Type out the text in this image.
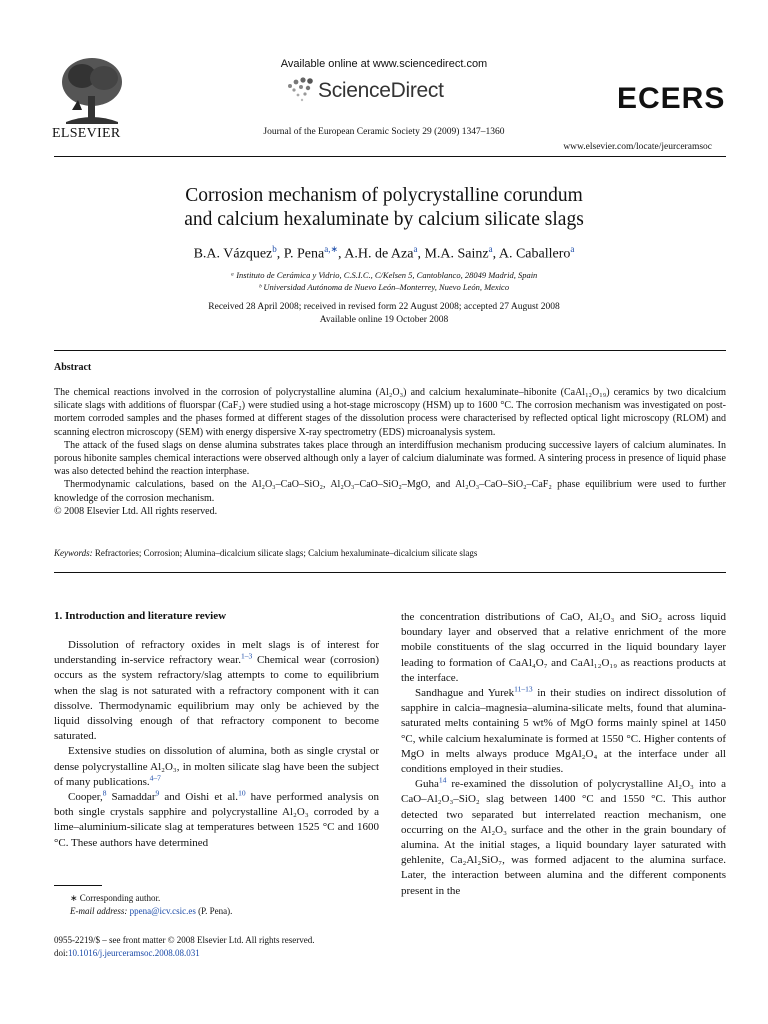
ELSEVIER
Available online at www.sciencedirect.com
ScienceDirect
Journal of the European Ceramic Society 29 (2009) 1347–1360
ECERS
www.elsevier.com/locate/jeurceramsoc
Corrosion mechanism of polycrystalline corundum
and calcium hexaluminate by calcium silicate slags
B.A. Vázquez$^b$, P. Pena$^{a,∗}$, A.H. de Aza$^a$, M.A. Sainz$^a$, A. Caballero$^a$
ᵃ Instituto de Cerámica y Vidrio, C.S.I.C., C/Kelsen 5, Cantoblanco, 28049 Madrid, Spain
ᵇ Universidad Autónoma de Nuevo León–Monterrey, Nuevo León, Mexico
Received 28 April 2008; received in revised form 22 August 2008; accepted 27 August 2008
Available online 19 October 2008
Abstract

The chemical reactions involved in the corrosion of polycrystalline alumina (Al₂O₃) and calcium hexaluminate–hibonite (CaAl₁₂O₁₉) ceramics by two dicalcium silicate slags with additions of fluorspar (CaF₂) were studied using a hot-stage microscopy (HSM) up to 1600 °C. The corrosion mechanism was investigated on post-mortem corroded samples and the phases formed at different stages of the dissolution process were characterised by reflected optical light microscopy (RLOM) and scanning electron microscopy (SEM) with energy dispersive X-ray spectrometry (EDS) microanalysis system.

The attack of the fused slags on dense alumina substrates takes place through an interdiffusion mechanism producing successive layers of calcium aluminates. In porous hibonite samples chemical interactions were observed although only a layer of calcium dialuminate was formed. A sintering process in presence of liquid phase was also detected behind the reaction interphase.

Thermodynamic calculations, based on the Al₂O₃–CaO–SiO₂, Al₂O₃–CaO–SiO₂–MgO, and Al₂O₃–CaO–SiO₂–CaF₂ phase equilibrium were used to further knowledge of the corrosion mechanism.

© 2008 Elsevier Ltd. All rights reserved.

Keywords: Refractories; Corrosion; Alumina–dicalcium silicate slags; Calcium hexaluminate–dicalcium silicate slags
1. Introduction and literature review

Dissolution of refractory oxides in melt slags is of interest for understanding in-service refractory wear.$^{1-3}$ Chemical wear (corrosion) occurs as the system refractory/slag attempts to come to equilibrium when the slag is not saturated with a refractory component with it can dissolve. Thermodynamic equilibrium may only be achieved by the liquid dissolving enough of that refractory component to become saturated.

Extensive studies on dissolution of alumina, both as single crystal or dense polycrystalline Al₂O₃, in molten silicate slag have been the subject of many publications.$^{4-7}$

Cooper,$^8$ Samaddar$^9$ and Oishi et al.$^{10}$ have performed analysis on both single crystals sapphire and polycrystalline Al₂O₃ corroded by a lime–aluminium-silicate slag at temperatures between 1525 °C and 1600 °C. These authors have determined

the concentration distributions of CaO, Al₂O₃ and SiO₂ across liquid boundary layer and observed that a relative enrichment of the more mobile constituents of the slag occurred in the liquid boundary layer leading to formation of CaAl₄O₇ and CaAl₁₂O₁₉ as reactions products at the interface.

Sandhague and Yurek$^{11-13}$ in their studies on indirect dissolution of sapphire in calcia–magnesia–alumina-silicate melts, found that alumina-saturated melts containing 5 wt% of MgO forms mainly spinel at 1450 °C, while calcium hexaluminate is formed at 1550 °C. Higher contents of MgO in melts always produce MgAl₂O₄ at the interface under all conditions employed in their studies.

Guha$^{14}$ re-examined the dissolution of polycrystalline Al₂O₃ into a CaO–Al₂O₃–SiO₂ slag between 1400 °C and 1550 °C. This author detected two separated but interrelated reaction mechanism, one occurring on the Al₂O₃ surface and the other in the grain boundary of alumina. At the initial stages, a liquid boundary layer saturated with gehlenite, Ca₂Al₂SiO₇, was formed adjacent to the alumina surface. Later, the interaction between alumina and the different components present in the

∗ Corresponding author.
E-mail address: ppena@icv.csic.es (P. Pena).
0955-2219/$ – see front matter © 2008 Elsevier Ltd. All rights reserved.
doi:10.1016/j.jeurceramsoc.2008.08.031
